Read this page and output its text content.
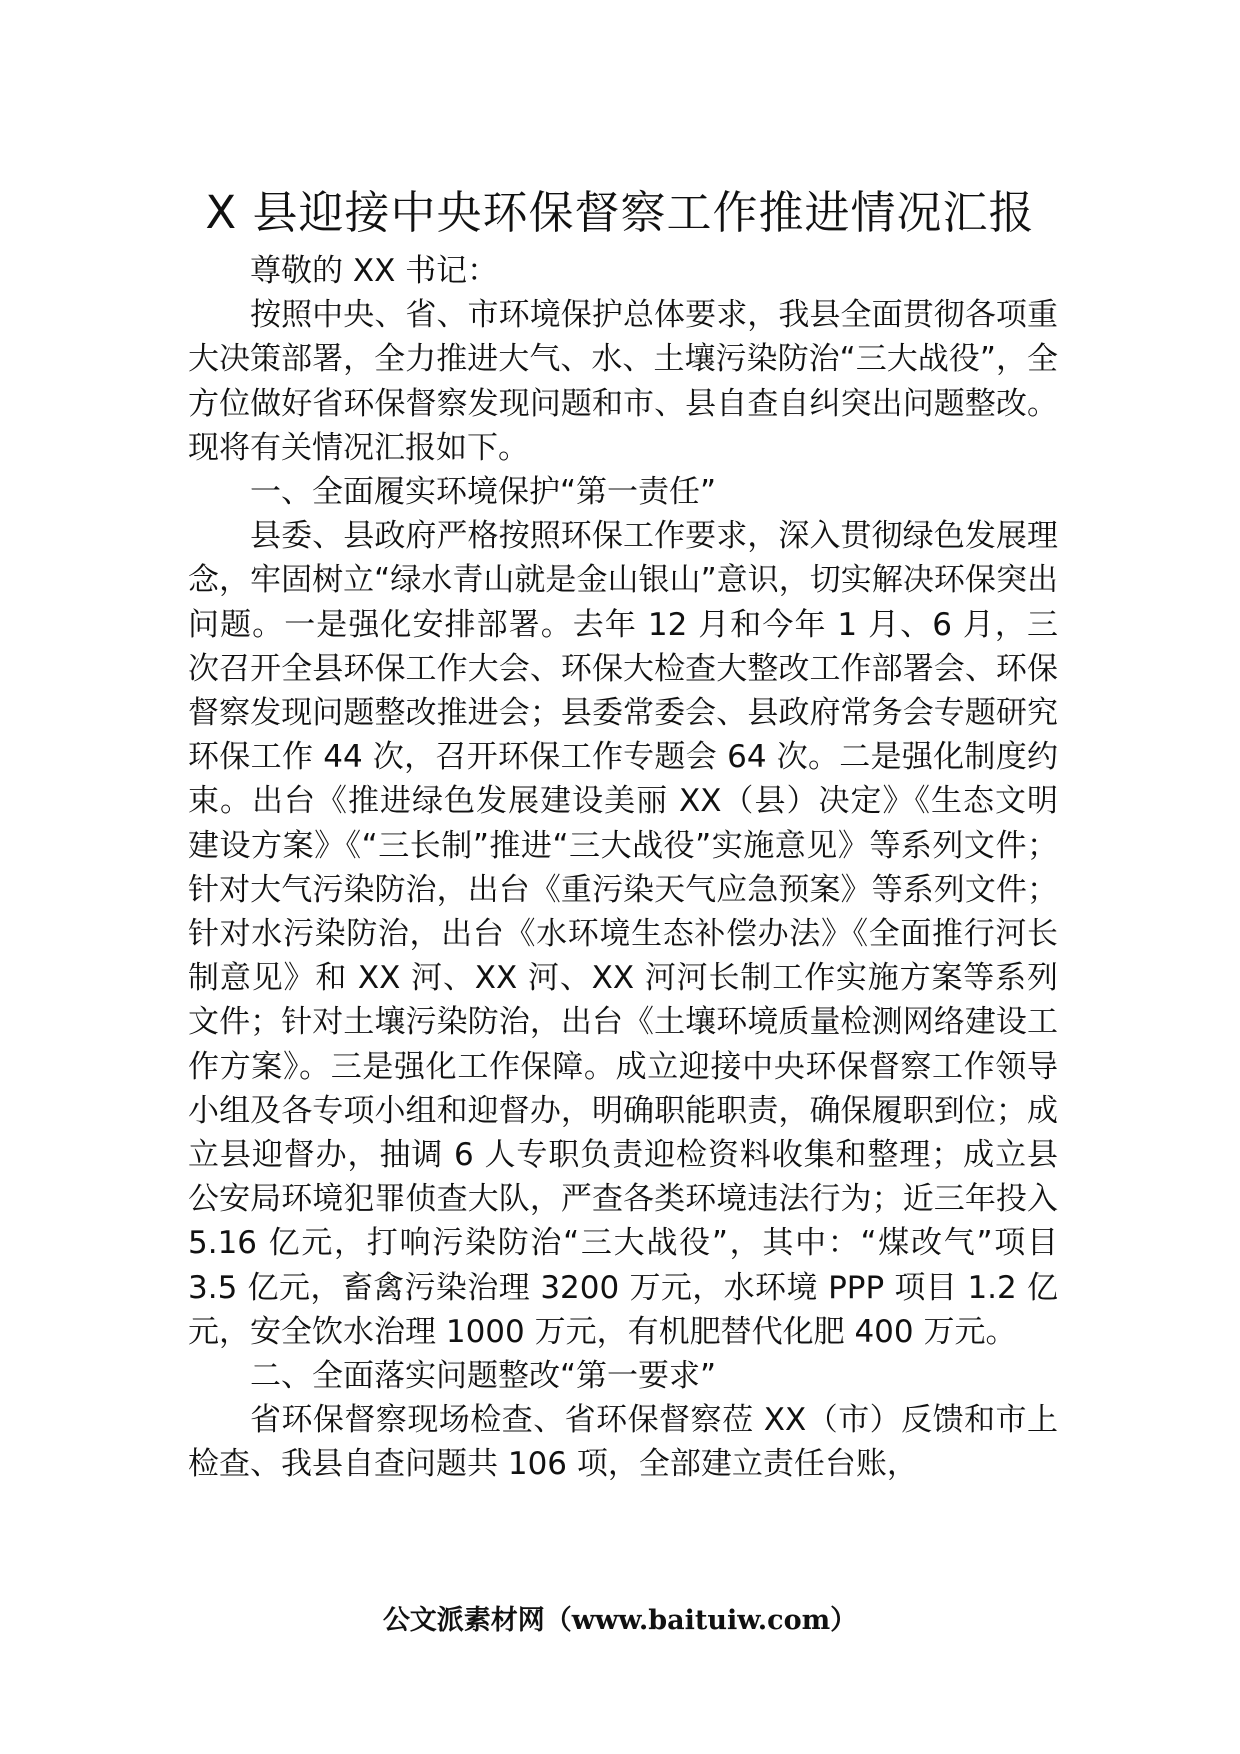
X 县迎接中央环保督察工作推进情况汇报

尊敬的 XX 书记：

按照中央、省、市环境保护总体要求，我县全面贯彻各项重大决策部署，全力推进大气、水、土壤污染防治“三大战役”，全方位做好省环保督察发现问题和市、县自查自纠突出问题整改。现将有关情况汇报如下。

一、全面履实环境保护“第一责任”

县委、县政府严格按照环保工作要求，深入贯彻绿色发展理念，牢固树立“绿水青山就是金山银山”意识，切实解决环保突出问题。一是强化安排部署。去年 12 月和今年 1 月、6 月，三次召开全县环保工作大会、环保大检查大整改工作部署会、环保督察发现问题整改推进会；县委常委会、县政府常务会专题研究环保工作 44 次，召开环保工作专题会 64 次。二是强化制度约束。出台《推进绿色发展建设美丽 XX（县）决定》《生态文明建设方案》《“三长制”推进“三大战役”实施意见》等系列文件；针对大气污染防治，出台《重污染天气应急预案》等系列文件；针对水污染防治，出台《水环境生态补偿办法》《全面推行河长制意见》和 XX 河、XX 河、XX 河河长制工作实施方案等系列文件；针对土壤污染防治，出台《土壤环境质量检测网络建设工作方案》。三是强化工作保障。成立迎接中央环保督察工作领导小组及各专项小组和迎督办，明确职能职责，确保履职到位；成立县迎督办，抽调 6 人专职负责迎检资料收集和整理；成立县公安局环境犯罪侦查大队，严查各类环境违法行为；近三年投入 5.16 亿元，打响污染防治“三大战役”，其中：“煤改气”项目 3.5 亿元，畜禽污染治理 3200 万元，水环境 PPP 项目 1.2 亿元，安全饮水治理 1000 万元，有机肥替代化肥 400 万元。

二、全面落实问题整改“第一要求”

省环保督察现场检查、省环保督察莅 XX（市）反馈和市上检查、我县自查问题共 106 项，全部建立责任台账，

公文派素材网（www.baituiw.com）
